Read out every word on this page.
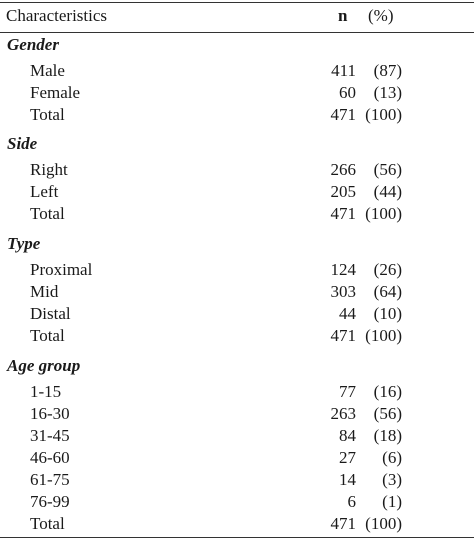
Characteristics	n (%)
Gender
Male	411 (87)
Female	60 (13)
Total	471 (100)
Side
Right	266 (56)
Left	205 (44)
Total	471 (100)
Type
Proximal	124 (26)
Mid	303 (64)
Distal	44 (10)
Total	471 (100)
Age group
1-15	77 (16)
16-30	263 (56)
31-45	84 (18)
46-60	27 (6)
61-75	14 (3)
76-99	6 (1)
Total	471 (100)
